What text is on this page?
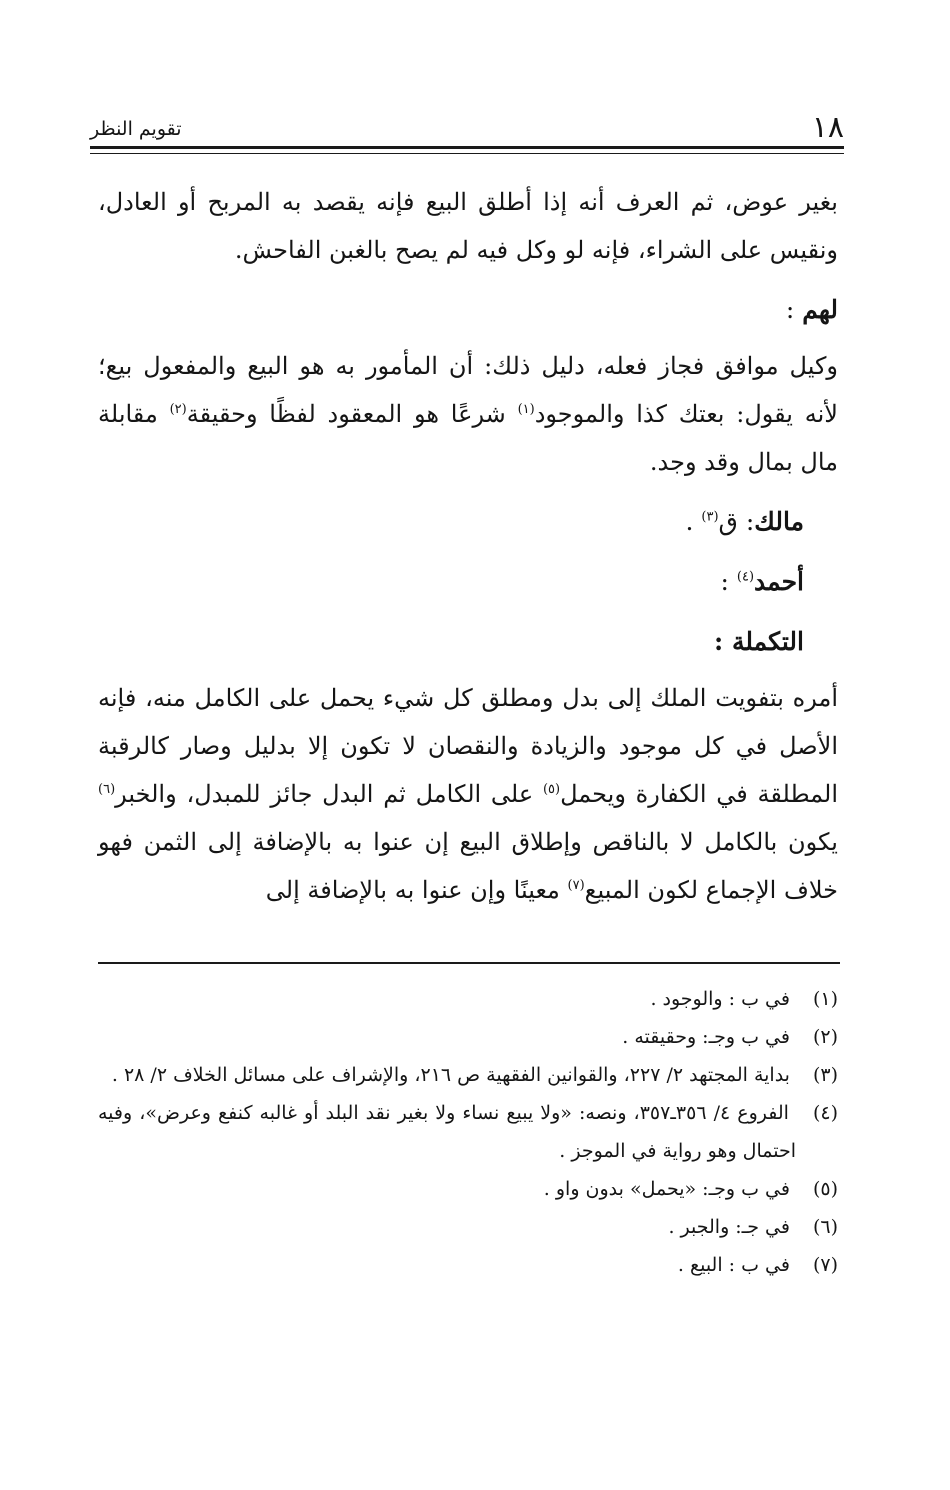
١٨
تقويم النظر

بغير عوض، ثم العرف أنه إذا أطلق البيع فإنه يقصد به المربح أو العادل، ونقيس على الشراء، فإنه لو وكل فيه لم يصح بالغبن الفاحش.

لهم :

وكيل موافق فجاز فعله، دليل ذلك: أن المأمور به هو البيع والمفعول بيع؛ لأنه يقول: بعتك كذا والموجود$^{(١)}$ شرعًا هو المعقود لفظًا وحقيقة$^{(٢)}$ مقابلة مال بمال وقد وجد.

مالك: ق$^{(٣)}$ .

أحمد$^{(٤)}$ :

التكملة :

أمره بتفويت الملك إلى بدل ومطلق كل شيء يحمل على الكامل منه، فإنه الأصل في كل موجود والزيادة والنقصان لا تكون إلا بدليل وصار كالرقبة المطلقة في الكفارة ويحمل$^{(٥)}$ على الكامل ثم البدل جائز للمبدل، والخبر$^{(٦)}$ يكون بالكامل لا بالناقص وإطلاق البيع إن عنوا به بالإضافة إلى الثمن فهو خلاف الإجماع لكون المبيع$^{(٧)}$ معينًا وإن عنوا به بالإضافة إلى

(١) في ب : والوجود .

(٢) في ب وجـ: وحقيقته .

(٣) بداية المجتهد ٢/ ٢٢٧، والقوانين الفقهية ص ٢١٦، والإشراف على مسائل الخلاف ٢/ ٢٨ .

(٤) الفروع ٤/ ٣٥٦ـ٣٥٧، ونصه: «ولا يبيع نساء ولا بغير نقد البلد أو غالبه كنفع وعرض»، وفيه احتمال وهو رواية في الموجز .

(٥) في ب وجـ: «يحمل» بدون واو .

(٦) في جـ: والجبر .

(٧) في ب : البيع .
